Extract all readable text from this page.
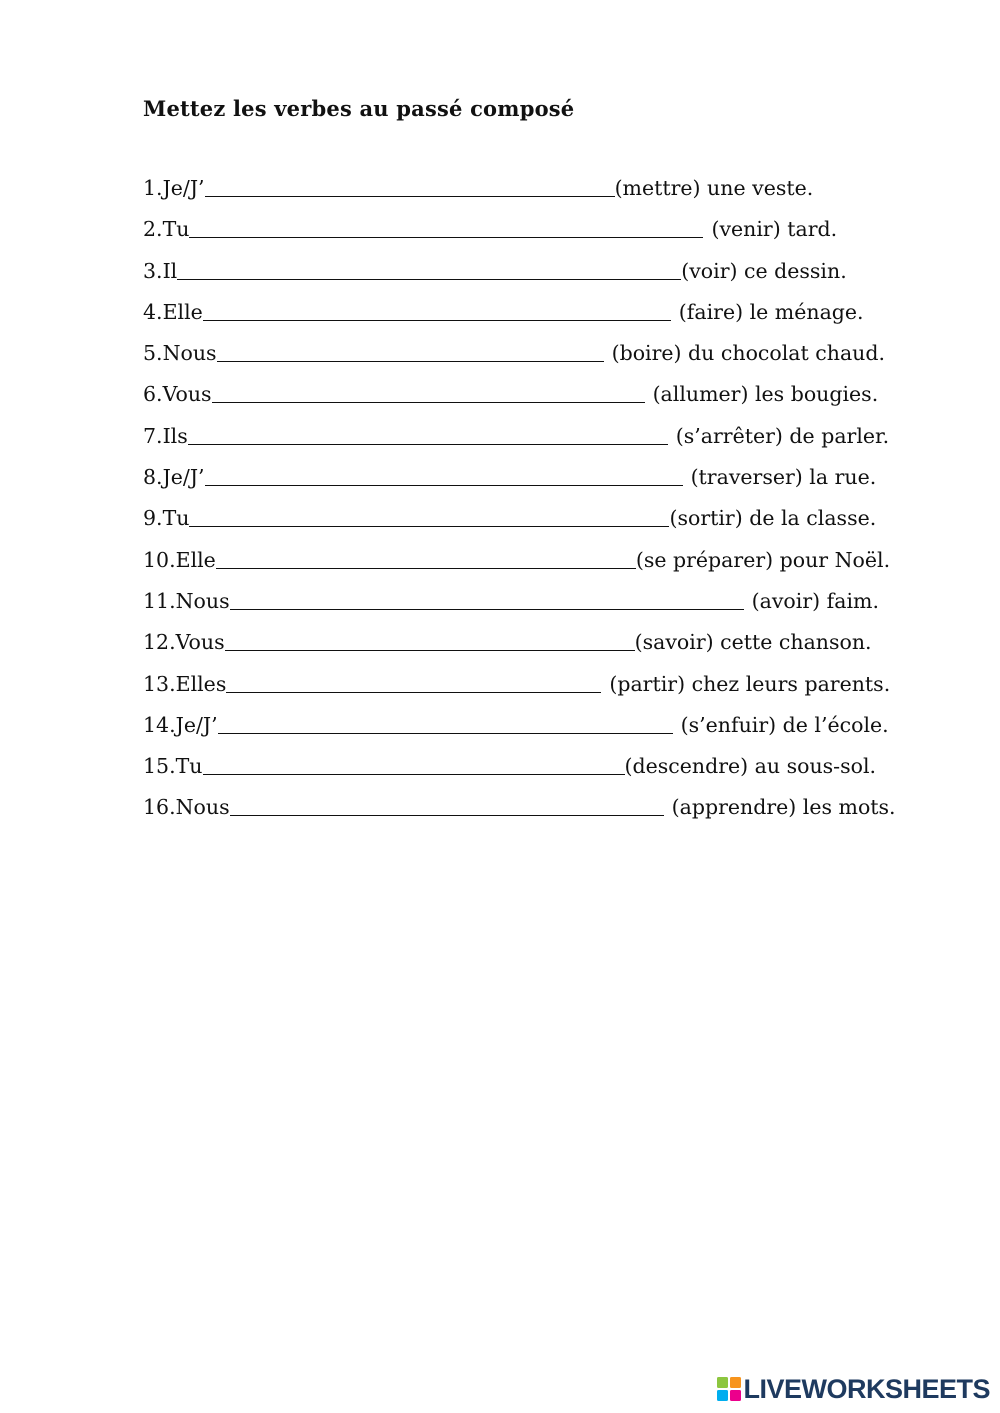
Mettez les verbes au passé composé
1. Je/J’	(mettre) une veste.
2. Tu	(venir) tard.
3. Il	(voir) ce dessin.
4. Elle	(faire) le ménage.
5. Nous	(boire) du chocolat chaud.
6. Vous	(allumer) les bougies.
7. Ils	(s’arrêter) de parler.
8. Je/J’	(traverser) la rue.
9. Tu	(sortir) de la classe.
10. Elle	(se préparer) pour Noël.
11. Nous	(avoir) faim.
12. Vous	(savoir) cette chanson.
13. Elles	(partir) chez leurs parents.
14. Je/J’	(s’enfuir) de l’école.
15. Tu	(descendre) au sous-sol.
16. Nous	(apprendre) les mots.
LIVEWORKSHEETS
